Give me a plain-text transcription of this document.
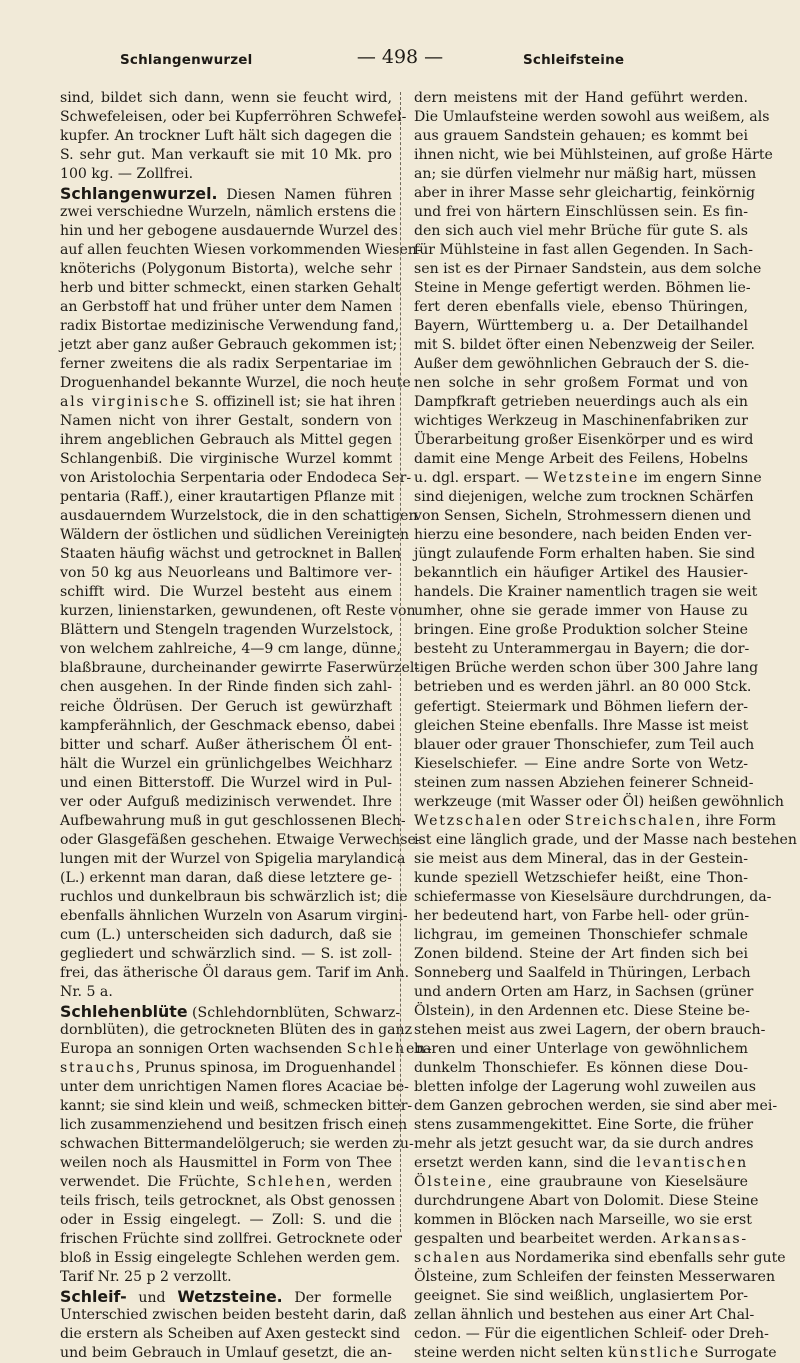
Schlangenwurzel	— 498 —	Schleifsteine
sind, bildet sich dann, wenn sie feucht wird,
Schwefeleisen, oder bei Kupferröhren Schwefel-
kupfer. An trockner Luft hält sich dagegen die
S. sehr gut. Man verkauft sie mit 10 Mk. pro
100 kg. — Zollfrei.
Schlangenwurzel. Diesen Namen führen
zwei verschiedne Wurzeln, nämlich erstens die
hin und her gebogene ausdauernde Wurzel des
auf allen feuchten Wiesen vorkommenden Wiesen-
knöterichs (Polygonum Bistorta), welche sehr
herb und bitter schmeckt, einen starken Gehalt
an Gerbstoff hat und früher unter dem Namen
radix Bistortae medizinische Verwendung fand,
jetzt aber ganz außer Gebrauch gekommen ist;
ferner zweitens die als radix Serpentariae im
Droguenhandel bekannte Wurzel, die noch heute
als virginische S. offizinell ist; sie hat ihren
Namen nicht von ihrer Gestalt, sondern von
ihrem angeblichen Gebrauch als Mittel gegen
Schlangenbiß. Die virginische Wurzel kommt
von Aristolochia Serpentaria oder Endodeca Ser-
pentaria (Raff.), einer krautartigen Pflanze mit
ausdauerndem Wurzelstock, die in den schattigen
Wäldern der östlichen und südlichen Vereinigten
Staaten häufig wächst und getrocknet in Ballen
von 50 kg aus Neuorleans und Baltimore ver-
schifft wird. Die Wurzel besteht aus einem
kurzen, linienstarken, gewundenen, oft Reste von
Blättern und Stengeln tragenden Wurzelstock,
von welchem zahlreiche, 4—9 cm lange, dünne,
blaßbraune, durcheinander gewirrte Faserwürzel-
chen ausgehen. In der Rinde finden sich zahl-
reiche Öldrüsen. Der Geruch ist gewürzhaft
kampferähnlich, der Geschmack ebenso, dabei
bitter und scharf. Außer ätherischem Öl ent-
hält die Wurzel ein grünlichgelbes Weichharz
und einen Bitterstoff. Die Wurzel wird in Pul-
ver oder Aufguß medizinisch verwendet. Ihre
Aufbewahrung muß in gut geschlossenen Blech-
oder Glasgefäßen geschehen. Etwaige Verwechse-
lungen mit der Wurzel von Spigelia marylandica
(L.) erkennt man daran, daß diese letztere ge-
ruchlos und dunkelbraun bis schwärzlich ist; die
ebenfalls ähnlichen Wurzeln von Asarum virgini-
cum (L.) unterscheiden sich dadurch, daß sie
gegliedert und schwärzlich sind. — S. ist zoll-
frei, das ätherische Öl daraus gem. Tarif im Anh.
Nr. 5 a.
Schlehenblüte (Schlehdornblüten, Schwarz-
dornblüten), die getrockneten Blüten des in ganz
Europa an sonnigen Orten wachsenden Schlehen-
strauchs, Prunus spinosa, im Droguenhandel
unter dem unrichtigen Namen flores Acaciae be-
kannt; sie sind klein und weiß, schmecken bitter-
lich zusammenziehend und besitzen frisch einen
schwachen Bittermandelölgeruch; sie werden zu-
weilen noch als Hausmittel in Form von Thee
verwendet. Die Früchte, Schlehen, werden
teils frisch, teils getrocknet, als Obst genossen
oder in Essig eingelegt. — Zoll: S. und die
frischen Früchte sind zollfrei. Getrocknete oder
bloß in Essig eingelegte Schlehen werden gem.
Tarif Nr. 25 p 2 verzollt.
Schleif- und Wetzsteine. Der formelle
Unterschied zwischen beiden besteht darin, daß
die erstern als Scheiben auf Axen gesteckt sind
und beim Gebrauch in Umlauf gesetzt, die an-
dern meistens mit der Hand geführt werden.
Die Umlaufsteine werden sowohl aus weißem, als
aus grauem Sandstein gehauen; es kommt bei
ihnen nicht, wie bei Mühlsteinen, auf große Härte
an; sie dürfen vielmehr nur mäßig hart, müssen
aber in ihrer Masse sehr gleichartig, feinkörnig
und frei von härtern Einschlüssen sein. Es fin-
den sich auch viel mehr Brüche für gute S. als
für Mühlsteine in fast allen Gegenden. In Sach-
sen ist es der Pirnaer Sandstein, aus dem solche
Steine in Menge gefertigt werden. Böhmen lie-
fert deren ebenfalls viele, ebenso Thüringen,
Bayern, Württemberg u. a. Der Detailhandel
mit S. bildet öfter einen Nebenzweig der Seiler.
Außer dem gewöhnlichen Gebrauch der S. die-
nen solche in sehr großem Format und von
Dampfkraft getrieben neuerdings auch als ein
wichtiges Werkzeug in Maschinenfabriken zur
Überarbeitung großer Eisenkörper und es wird
damit eine Menge Arbeit des Feilens, Hobelns
u. dgl. erspart. — Wetzsteine im engern Sinne
sind diejenigen, welche zum trocknen Schärfen
von Sensen, Sicheln, Strohmessern dienen und
hierzu eine besondere, nach beiden Enden ver-
jüngt zulaufende Form erhalten haben. Sie sind
bekanntlich ein häufiger Artikel des Hausier-
handels. Die Krainer namentlich tragen sie weit
umher, ohne sie gerade immer von Hause zu
bringen. Eine große Produktion solcher Steine
besteht zu Unterammergau in Bayern; die dor-
tigen Brüche werden schon über 300 Jahre lang
betrieben und es werden jährl. an 80 000 Stck.
gefertigt. Steiermark und Böhmen liefern der-
gleichen Steine ebenfalls. Ihre Masse ist meist
blauer oder grauer Thonschiefer, zum Teil auch
Kieselschiefer. — Eine andre Sorte von Wetz-
steinen zum nassen Abziehen feinerer Schneid-
werkzeuge (mit Wasser oder Öl) heißen gewöhnlich
Wetzschalen oder Streichschalen, ihre Form
ist eine länglich grade, und der Masse nach bestehen
sie meist aus dem Mineral, das in der Gestein-
kunde speziell Wetzschiefer heißt, eine Thon-
schiefermasse von Kieselsäure durchdrungen, da-
her bedeutend hart, von Farbe hell- oder grün-
lichgrau, im gemeinen Thonschiefer schmale
Zonen bildend. Steine der Art finden sich bei
Sonneberg und Saalfeld in Thüringen, Lerbach
und andern Orten am Harz, in Sachsen (grüner
Ölstein), in den Ardennen etc. Diese Steine be-
stehen meist aus zwei Lagern, der obern brauch-
baren und einer Unterlage von gewöhnlichem
dunkelm Thonschiefer. Es können diese Dou-
bletten infolge der Lagerung wohl zuweilen aus
dem Ganzen gebrochen werden, sie sind aber mei-
stens zusammengekittet. Eine Sorte, die früher
mehr als jetzt gesucht war, da sie durch andres
ersetzt werden kann, sind die levantischen
Ölsteine, eine graubraune von Kieselsäure
durchdrungene Abart von Dolomit. Diese Steine
kommen in Blöcken nach Marseille, wo sie erst
gespalten und bearbeitet werden. Arkansas-
schalen aus Nordamerika sind ebenfalls sehr gute
Ölsteine, zum Schleifen der feinsten Messerwaren
geeignet. Sie sind weißlich, unglasiertem Por-
zellan ähnlich und bestehen aus einer Art Chal-
cedon. — Für die eigentlichen Schleif- oder Dreh-
steine werden nicht selten künstliche Surrogate
